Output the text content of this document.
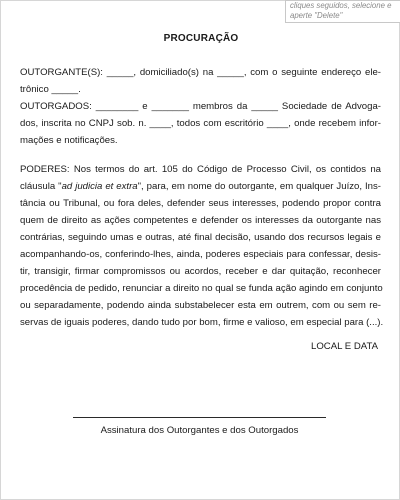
cliques seguidos, selecione e
aperte "Delete"
PROCURAÇÃO
OUTORGANTE(S): _____, domiciliado(s) na _____, com o seguinte endereço ele-
trônico _____.
OUTORGADOS: ________ e _______ membros da _____ Sociedade de Advoga-
dos, inscrita no CNPJ sob. n. ____, todos com escritório ____, onde recebem infor-
mações e notificações.
PODERES: Nos termos do art. 105 do Código de Processo Civil, os contidos na
cláusula "ad judicia et extra", para, em nome do outorgante, em qualquer Juízo, Ins-
tância ou Tribunal, ou fora deles, defender seus interesses, podendo propor contra
quem de direito as ações competentes e defender os interesses da outorgante nas
contrárias, seguindo umas e outras, até final decisão, usando dos recursos legais e
acompanhando-os, conferindo-lhes, ainda, poderes especiais para confessar, desis-
tir, transigir, firmar compromissos ou acordos, receber e dar quitação, reconhecer
procedência de pedido, renunciar a direito no qual se funda ação agindo em conjunto
ou separadamente, podendo ainda substabelecer esta em outrem, com ou sem re-
servas de iguais poderes, dando tudo por bom, firme e valioso, em especial para (...).
LOCAL E DATA
Assinatura dos Outorgantes e dos Outorgados
